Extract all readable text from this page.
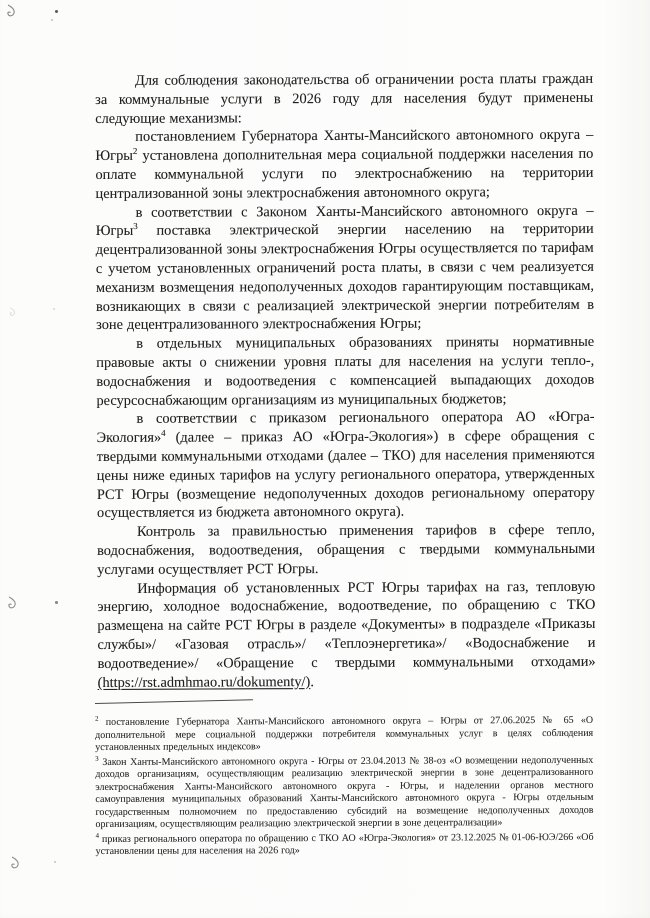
Для соблюдения законодательства об ограничении роста платы граждан за коммунальные услуги в 2026 году для населения будут применены следующие механизмы:

постановлением Губернатора Ханты-Мансийского автономного округа – Югры$^2$ установлена дополнительная мера социальной поддержки населения по оплате коммунальной услуги по электроснабжению на территории централизованной зоны электроснабжения автономного округа;

в соответствии с Законом Ханты-Мансийского автономного округа – Югры$^3$ поставка электрической энергии населению на территории децентрализованной зоны электроснабжения Югры осуществляется по тарифам с учетом установленных ограничений роста платы, в связи с чем реализуется механизм возмещения недополученных доходов гарантирующим поставщикам, возникающих в связи с реализацией электрической энергии потребителям в зоне децентрализованного электроснабжения Югры;

в отдельных муниципальных образованиях приняты нормативные правовые акты о снижении уровня платы для населения на услуги тепло-, водоснабжения и водоотведения с компенсацией выпадающих доходов ресурсоснабжающим организациям из муниципальных бюджетов;

в соответствии с приказом регионального оператора АО «Югра-Экология»$^4$ (далее – приказ АО «Югра-Экология») в сфере обращения с твердыми коммунальными отходами (далее – ТКО) для населения применяются цены ниже единых тарифов на услугу регионального оператора, утвержденных РСТ Югры (возмещение недополученных доходов региональному оператору осуществляется из бюджета автономного округа).

Контроль за правильностью применения тарифов в сфере тепло, водоснабжения, водоотведения, обращения с твердыми коммунальными услугами осуществляет РСТ Югры.

Информация об установленных РСТ Югры тарифах на газ, тепловую энергию, холодное водоснабжение, водоотведение, по обращению с ТКО размещена на сайте РСТ Югры в разделе «Документы» в подразделе «Приказы службы»/ «Газовая отрасль»/ «Теплоэнергетика»/ «Водоснабжение и водоотведение»/ «Обращение с твердыми коммунальными отходами» (https://rst.admhmao.ru/dokumenty/).

$^2$ постановление Губернатора Ханты-Мансийского автономного округа – Югры от 27.06.2025 № 65 «О дополнительной мере социальной поддержки потребителя коммунальных услуг в целях соблюдения установленных предельных индексов»

$^3$ Закон Ханты-Мансийского автономного округа - Югры от 23.04.2013 № 38-оз «О возмещении недополученных доходов организациям, осуществляющим реализацию электрической энергии в зоне децентрализованного электроснабжения Ханты-Мансийского автономного округа - Югры, и наделении органов местного самоуправления муниципальных образований Ханты-Мансийского автономного округа - Югры отдельным государственным полномочием по предоставлению субсидий на возмещение недополученных доходов организациям, осуществляющим реализацию электрической энергии в зоне децентрализации»

$^4$ приказ регионального оператора по обращению с ТКО АО «Югра-Экология» от 23.12.2025 № 01-06-ЮЭ/266 «Об установлении цены для населения на 2026 год»
